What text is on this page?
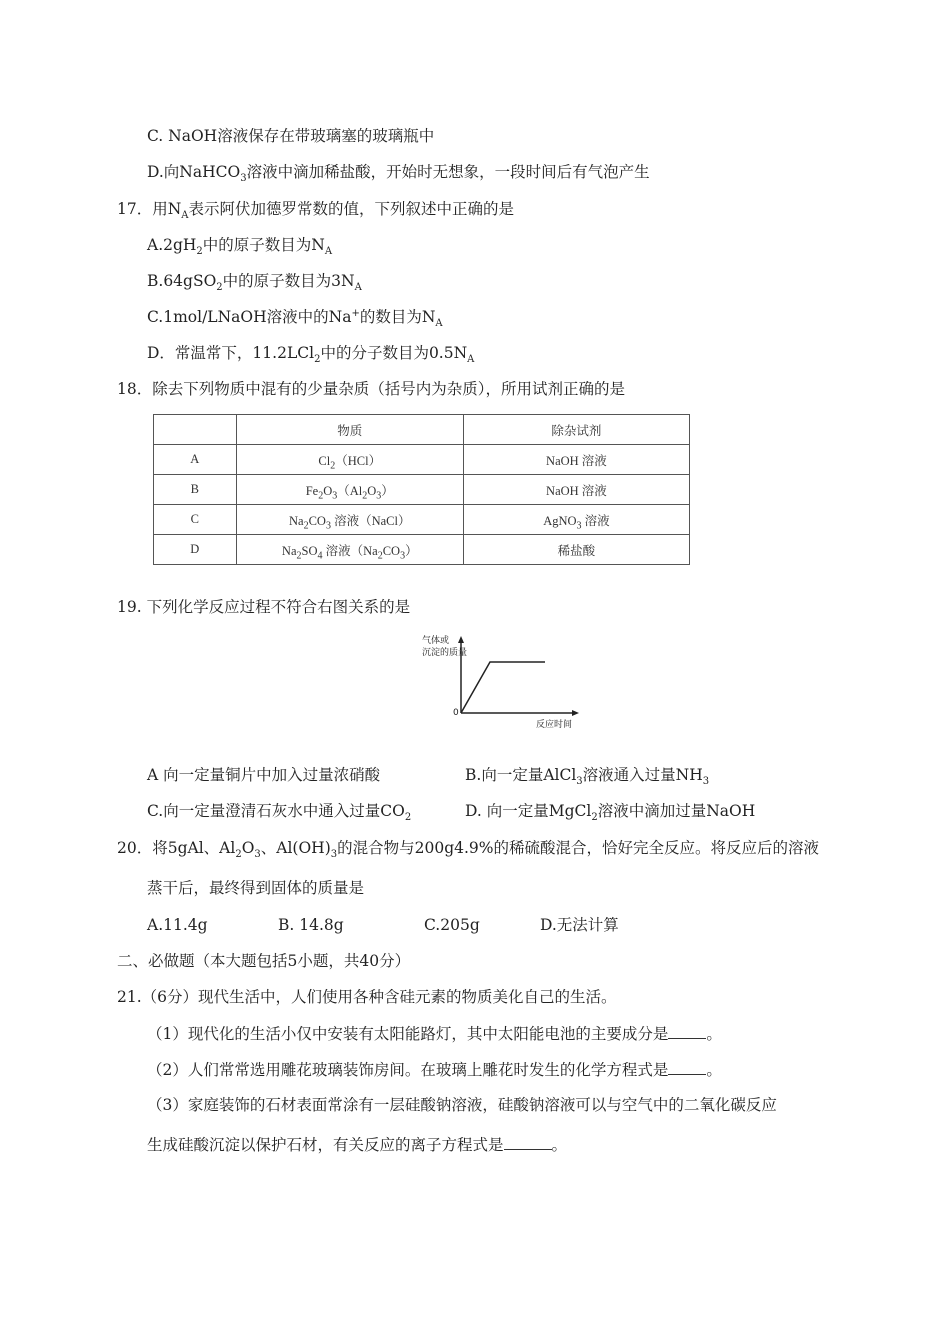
C. NaOH溶液保存在带玻璃塞的玻璃瓶中
D.向NaHCO$_3$溶液中滴加稀盐酸，开始时无想象，一段时间后有气泡产生
17．用$N_A$表示阿伏加德罗常数的值，下列叙述中正确的是
$A.2gH_2$中的原子数目为$N_A$
B.64gSO$_2$中的原子数目为$3N_A$
C.1mol/LNaOH溶液中的Na+的数目为$N_A$
D．常温常下，11.2LCl$_2$中的分子数目为$0.5N_A$
18．除去下列物质中混有的少量杂质（括号内为杂质），所用试剂正确的是
	物质	除杂试剂
A	$Cl_2(HCl)$	NaOH 溶液
B	$Fe_2O_3(Al_2O_3)$	NaOH 溶液
C	$Na_2CO_3$ 溶液（NaCl）	AgNO$_3$ 溶液
D	$Na_2SO_4$ 溶液$(Na_2CO_3)$	稀盐酸
19. 下列化学反应过程不符合右图关系的是
气体或
沉淀的质量
0
反应时间
A 向一定量铜片中加入过量浓硝酸	B.向一定量AlCl$_3$溶液通入过量$NH_3$
C.向一定量澄清石灰水中通入过量$CO_2$	D. 向一定量MgCl$_2$溶液中滴加过量NaOH
20．将5gAl、$Al_2O_3$、$Al(OH)_3$的混合物与200g4.9%的稀硫酸混合，恰好完全反应。将反应后的溶液
蒸干后，最终得到固体的质量是
A.11.4g	B. 14.8g	C.205g	D.无法计算
二、必做题（本大题包括5小题，共40分）
21.（6分）现代生活中，人们使用各种含硅元素的物质美化自己的生活。
（1）现代化的生活小仅中安装有太阳能路灯，其中太阳能电池的主要成分是 。
（2）人们常常选用雕花玻璃装饰房间。在玻璃上雕花时发生的化学方程式是 。
（3）家庭装饰的石材表面常涂有一层硅酸钠溶液，硅酸钠溶液可以与空气中的二氧化碳反应
生成硅酸沉淀以保护石材，有关反应的离子方程式是	。
